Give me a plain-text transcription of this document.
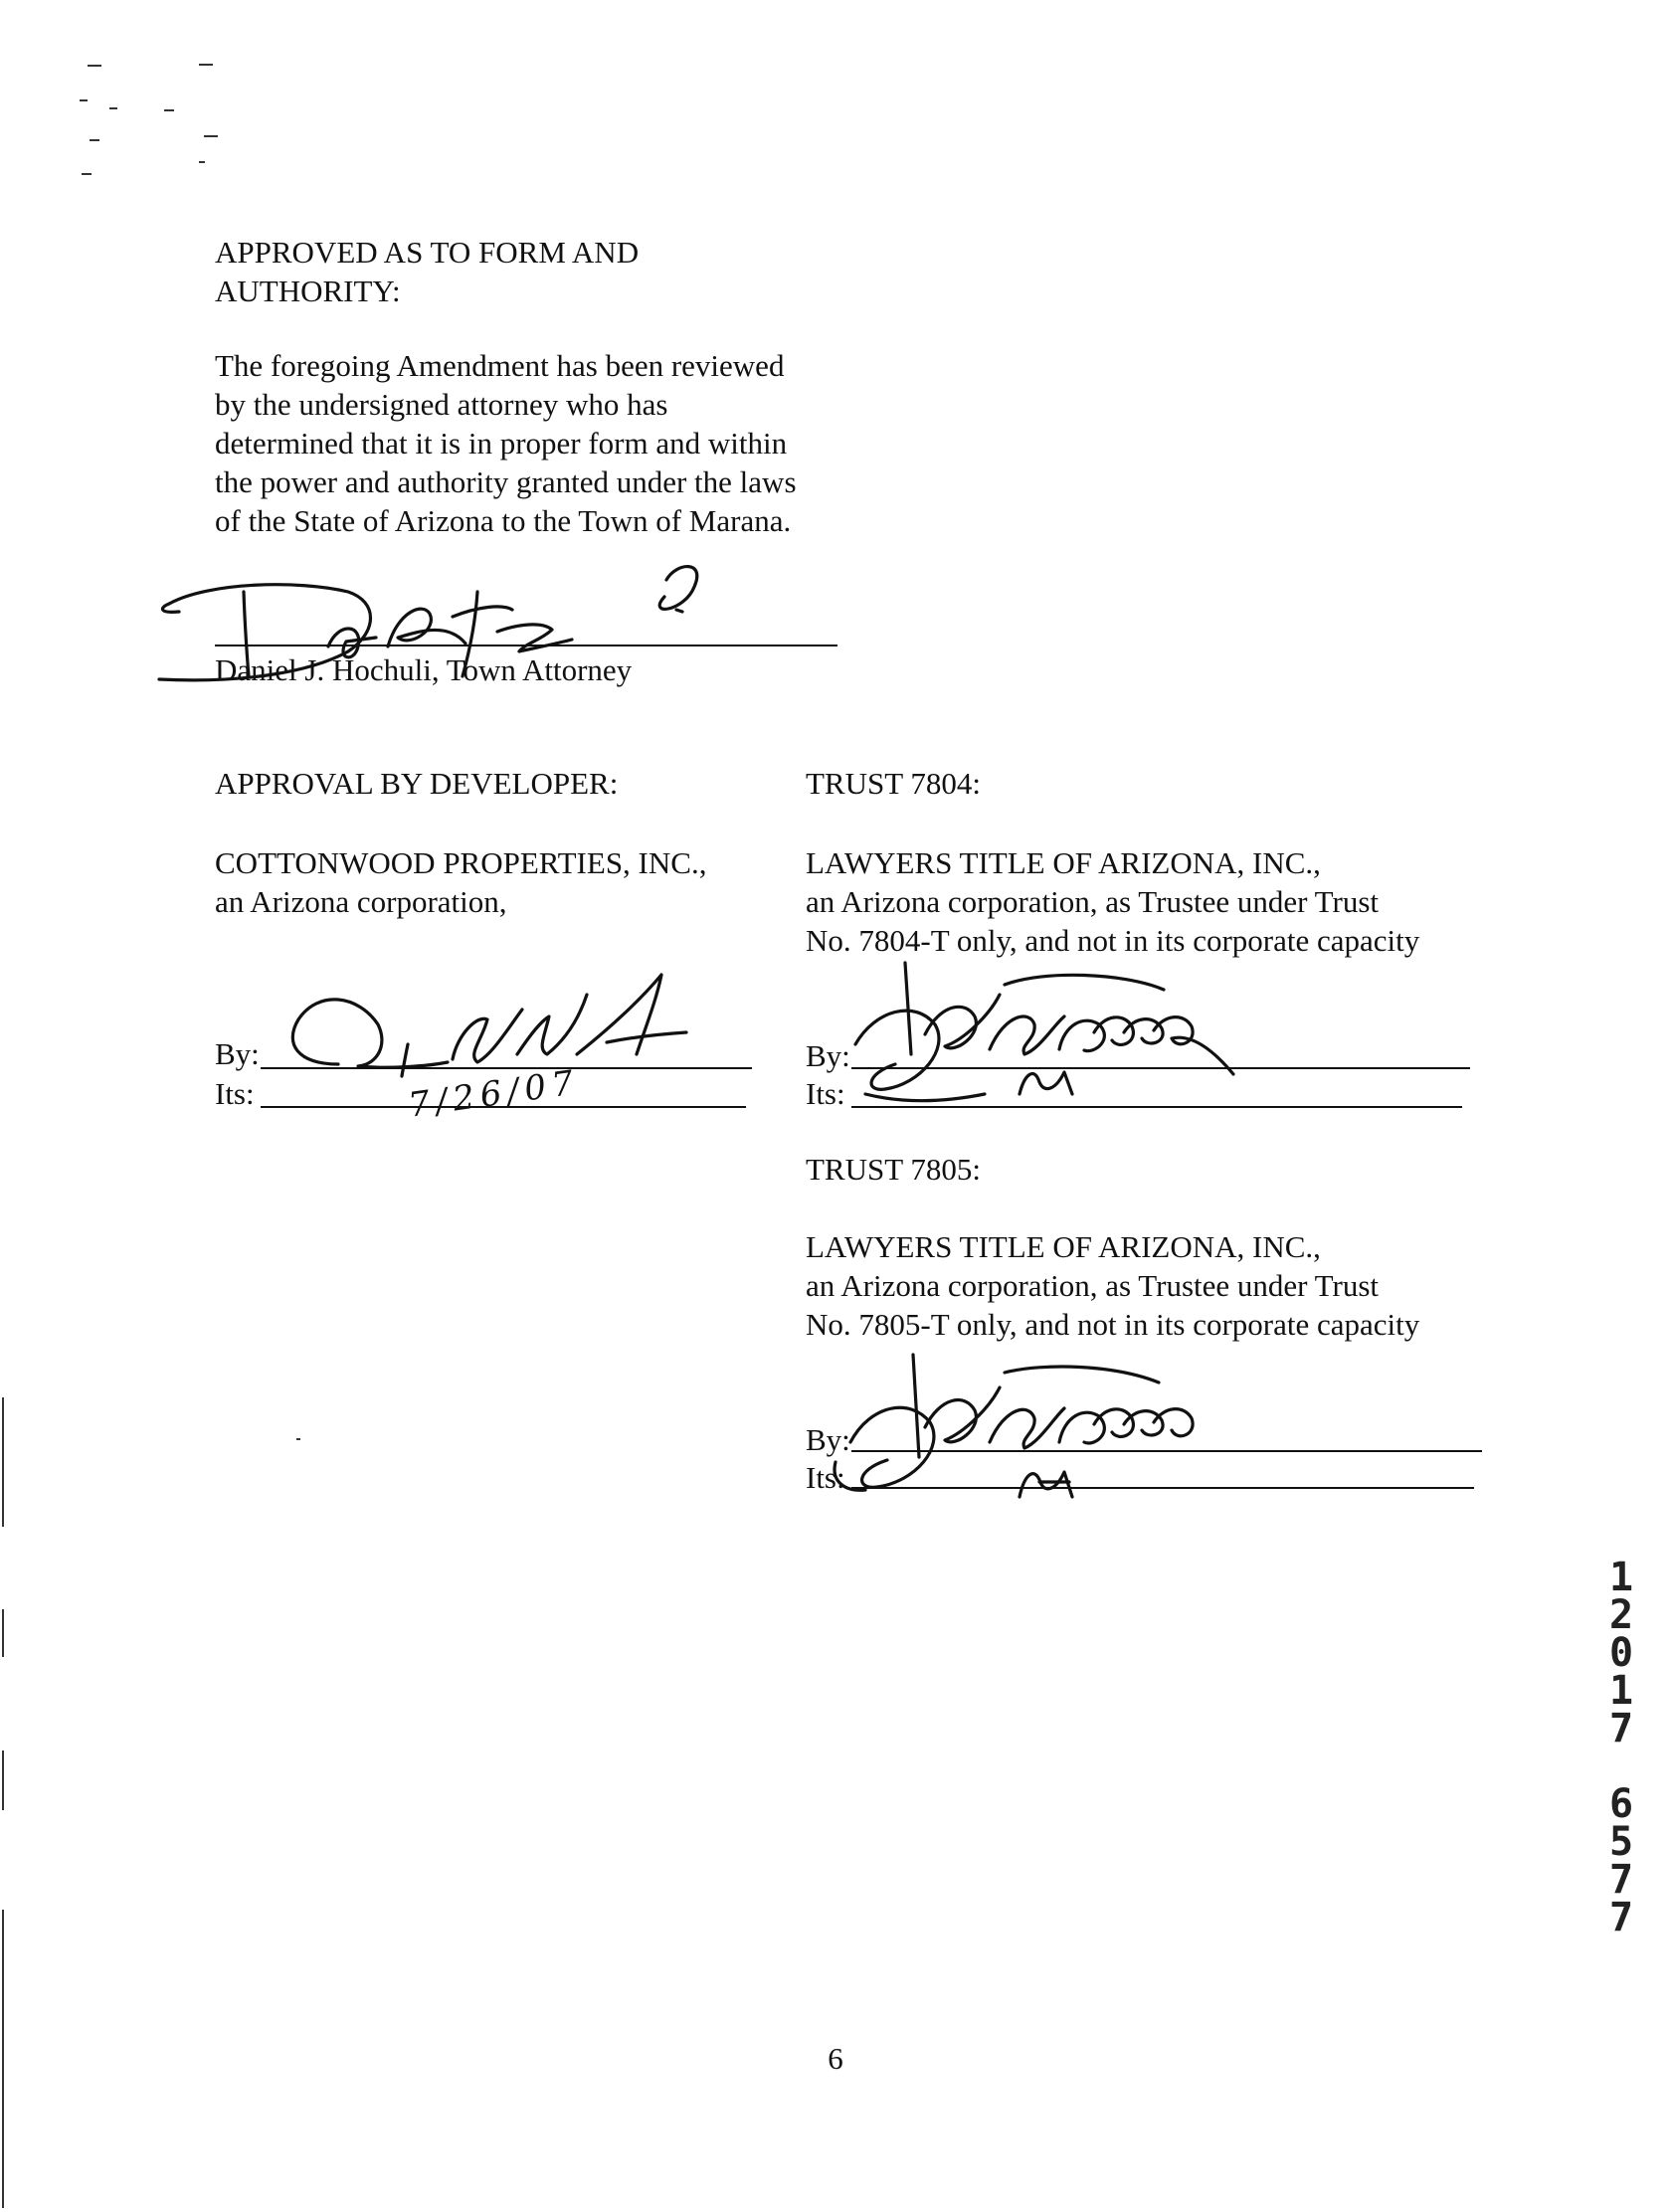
APPROVED AS TO FORM AND
AUTHORITY:
The foregoing Amendment has been reviewed
by the undersigned attorney who has
determined that it is in proper form and within
the power and authority granted under the laws
of the State of Arizona to the Town of Marana.
Daniel J. Hochuli, Town Attorney
APPROVAL BY DEVELOPER:
COTTONWOOD PROPERTIES, INC.,
an Arizona corporation,
By:
Its:	7/26/07
TRUST 7804:
LAWYERS TITLE OF ARIZONA, INC.,
an Arizona corporation, as Trustee under Trust
No. 7804-T only, and not in its corporate capacity
By:
Its:
TRUST 7805:
LAWYERS TITLE OF ARIZONA, INC.,
an Arizona corporation, as Trustee under Trust
No. 7805-T only, and not in its corporate capacity
By:
Its:
1
2
0
1
7
6
5
7
7
6
